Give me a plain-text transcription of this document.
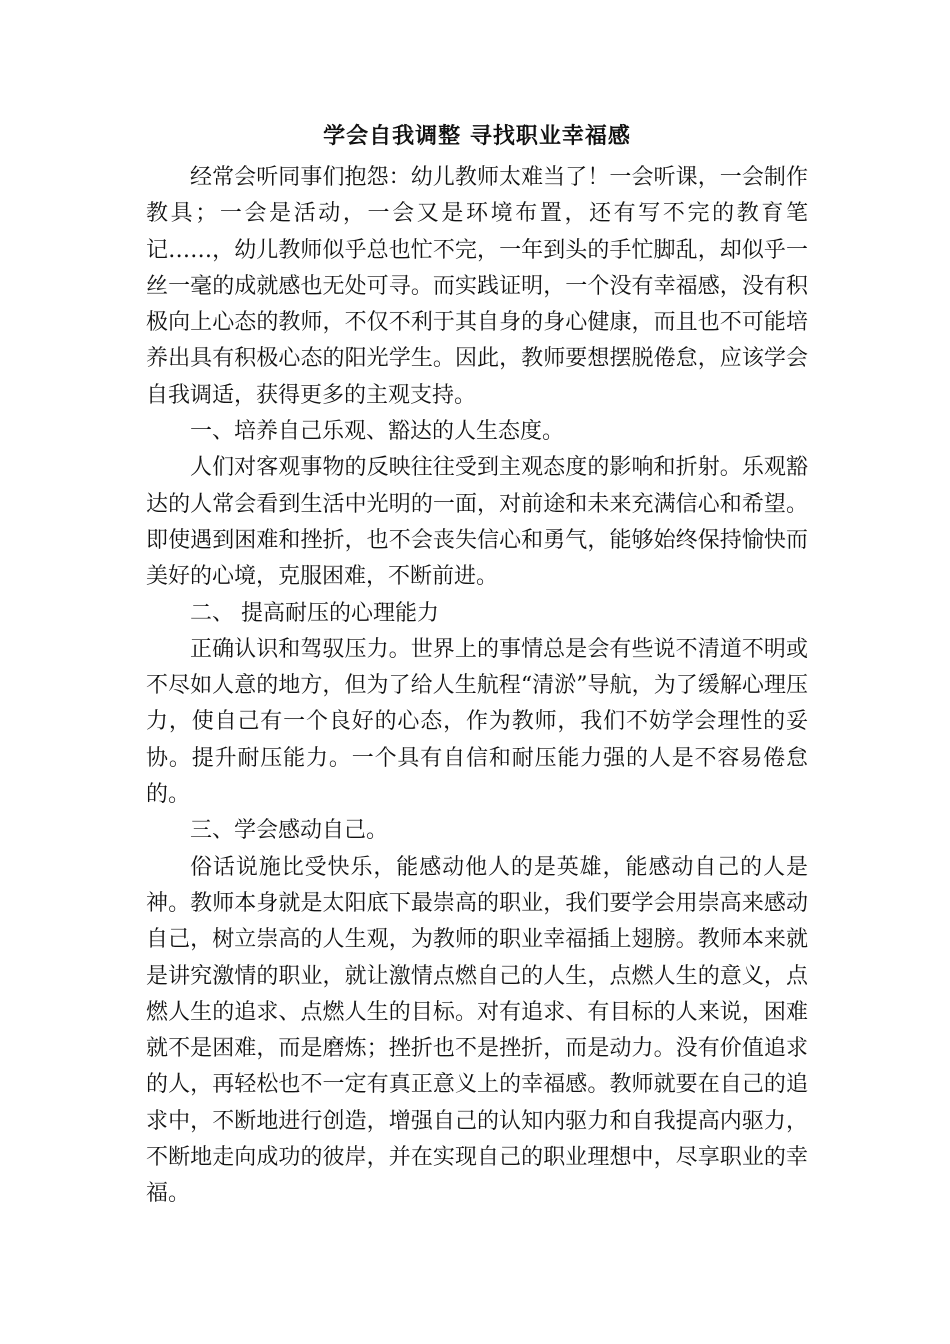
学会自我调整 寻找职业幸福感

经常会听同事们抱怨：幼儿教师太难当了！一会听课，一会制作教具；一会是活动，一会又是环境布置，还有写不完的教育笔记……，幼儿教师似乎总也忙不完，一年到头的手忙脚乱，却似乎一丝一毫的成就感也无处可寻。而实践证明，一个没有幸福感，没有积极向上心态的教师，不仅不利于其自身的身心健康，而且也不可能培养出具有积极心态的阳光学生。因此，教师要想摆脱倦怠，应该学会自我调适，获得更多的主观支持。

一、培养自己乐观、豁达的人生态度。

人们对客观事物的反映往往受到主观态度的影响和折射。乐观豁达的人常会看到生活中光明的一面，对前途和未来充满信心和希望。即使遇到困难和挫折，也不会丧失信心和勇气，能够始终保持愉快而美好的心境，克服困难，不断前进。

二、 提高耐压的心理能力

正确认识和驾驭压力。世界上的事情总是会有些说不清道不明或不尽如人意的地方，但为了给人生航程“清淤”导航，为了缓解心理压力，使自己有一个良好的心态，作为教师，我们不妨学会理性的妥协。提升耐压能力。一个具有自信和耐压能力强的人是不容易倦怠的。

三、学会感动自己。

俗话说施比受快乐，能感动他人的是英雄，能感动自己的人是神。教师本身就是太阳底下最崇高的职业，我们要学会用崇高来感动自己，树立崇高的人生观，为教师的职业幸福插上翅膀。教师本来就是讲究激情的职业，就让激情点燃自己的人生，点燃人生的意义，点燃人生的追求、点燃人生的目标。对有追求、有目标的人来说，困难就不是困难，而是磨炼；挫折也不是挫折，而是动力。没有价值追求的人，再轻松也不一定有真正意义上的幸福感。教师就要在自己的追求中，不断地进行创造，增强自己的认知内驱力和自我提高内驱力，不断地走向成功的彼岸，并在实现自己的职业理想中，尽享职业的幸福。
